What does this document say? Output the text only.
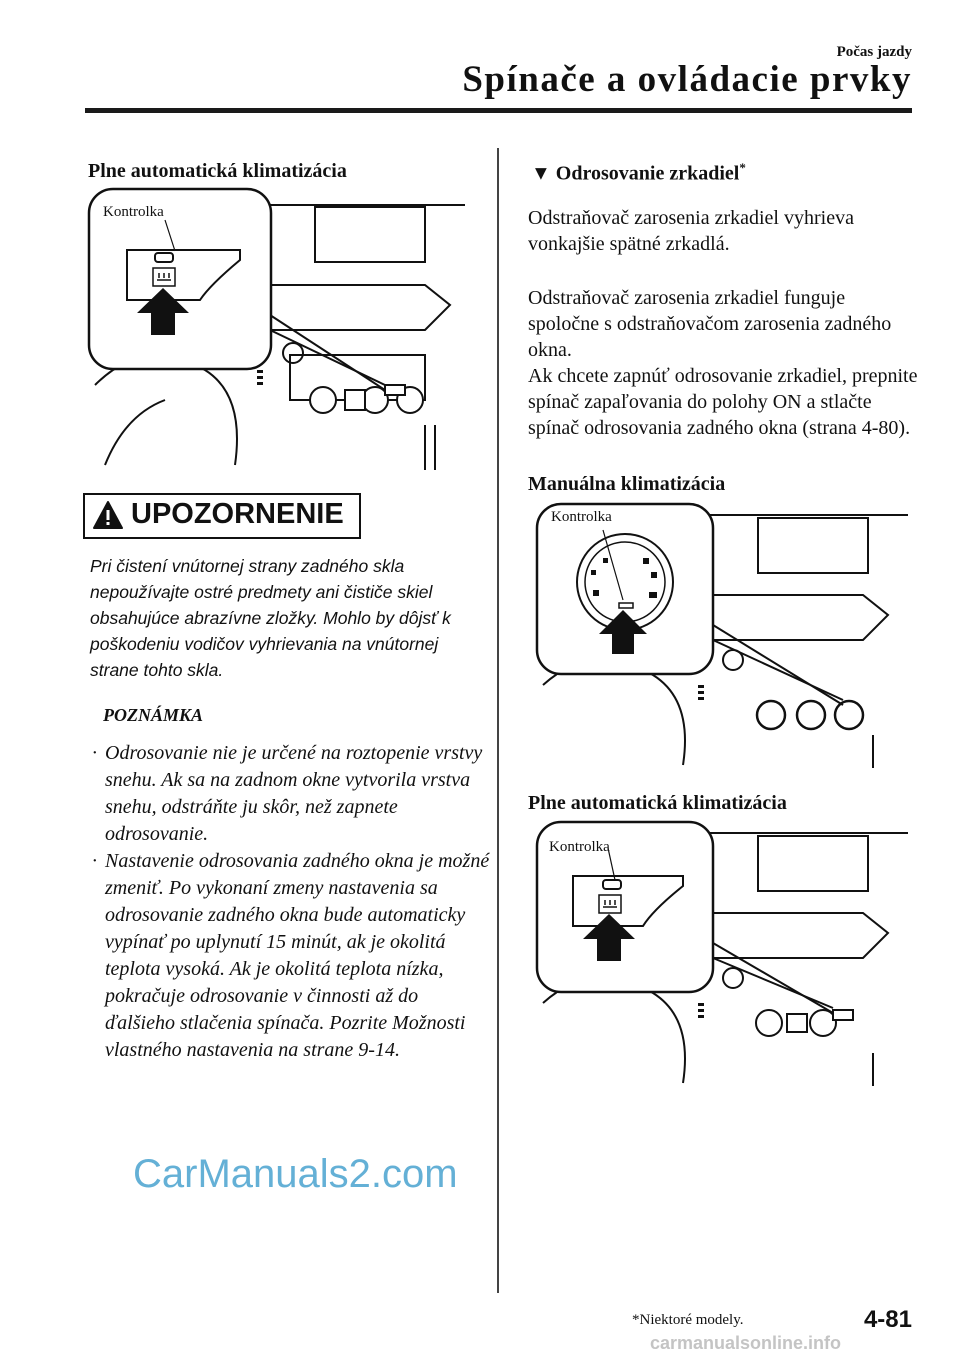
Počas jazdy
Spínače a ovládacie prvky
Plne automatická klimatizácia
Kontrolka
UPOZORNENIE
Pri čistení vnútornej strany zadného skla nepoužívajte ostré predmety ani čističe skiel obsahujúce abrazívne zložky. Mohlo by dôjsť k poškodeniu vodičov vyhrievania na vnútornej strane tohto skla.
POZNÁMKA
· Odrosovanie nie je určené na roztopenie vrstvy snehu. Ak sa na zadnom okne vytvorila vrstva snehu, odstráňte ju skôr, než zapnete odrosovanie.
· Nastavenie odrosovania zadného okna je možné zmeniť. Po vykonaní zmeny nastavenia sa odrosovanie zadného okna bude automaticky vypínať po uplynutí 15 minút, ak je okolitá teplota vysoká. Ak je okolitá teplota nízka, pokračuje odrosovanie v činnosti až do ďalšieho stlačenia spínača. Pozrite Možnosti vlastného nastavenia na strane 9-14.
▼ Odrosovanie zrkadiel*
Odstraňovač zarosenia zrkadiel vyhrieva vonkajšie spätné zrkadlá.
Odstraňovač zarosenia zrkadiel funguje spoločne s odstraňovačom zarosenia zadného okna.
Ak chcete zapnúť odrosovanie zrkadiel, prepnite spínač zapaľovania do polohy ON a stlačte spínač odrosovania zadného okna (strana 4-80).
Manuálna klimatizácia
Kontrolka
Plne automatická klimatizácia
Kontrolka
CarManuals2.com
*Niektoré modely.	4-81
carmanualsonline.info
